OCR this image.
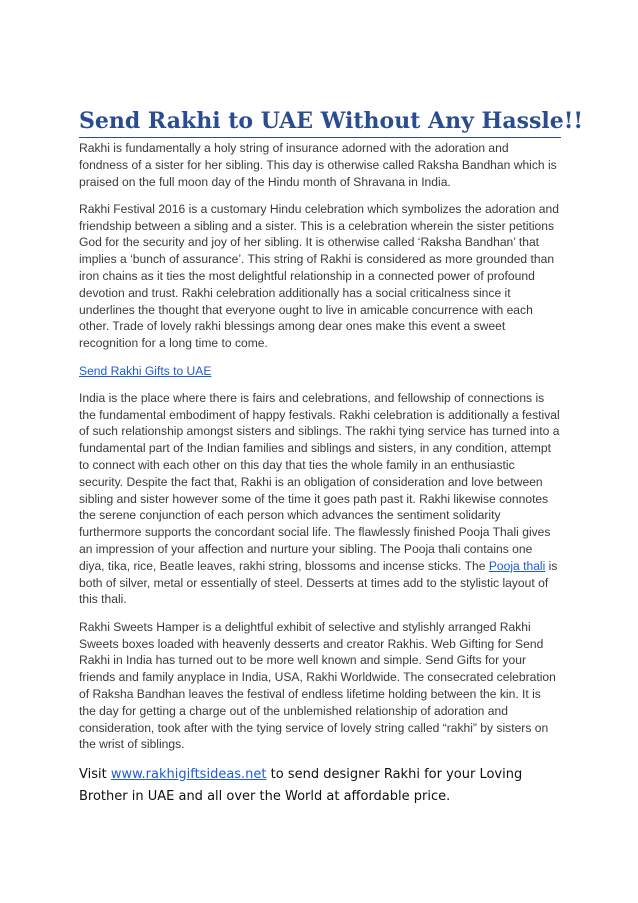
Send Rakhi to UAE Without Any Hassle!!

Rakhi is fundamentally a holy string of insurance adorned with the adoration and fondness of a sister for her sibling. This day is otherwise called Raksha Bandhan which is praised on the full moon day of the Hindu month of Shravana in India.

Rakhi Festival 2016 is a customary Hindu celebration which symbolizes the adoration and friendship between a sibling and a sister. This is a celebration wherein the sister petitions God for the security and joy of her sibling. It is otherwise called ‘Raksha Bandhan’ that implies a ‘bunch of assurance’. This string of Rakhi is considered as more grounded than iron chains as it ties the most delightful relationship in a connected power of profound devotion and trust. Rakhi celebration additionally has a social criticalness since it underlines the thought that everyone ought to live in amicable concurrence with each other. Trade of lovely rakhi blessings among dear ones make this event a sweet recognition for a long time to come.

Send Rakhi Gifts to UAE

India is the place where there is fairs and celebrations, and fellowship of connections is the fundamental embodiment of happy festivals. Rakhi celebration is additionally a festival of such relationship amongst sisters and siblings. The rakhi tying service has turned into a fundamental part of the Indian families and siblings and sisters, in any condition, attempt to connect with each other on this day that ties the whole family in an enthusiastic security. Despite the fact that, Rakhi is an obligation of consideration and love between sibling and sister however some of the time it goes path past it. Rakhi likewise connotes the serene conjunction of each person which advances the sentiment solidarity furthermore supports the concordant social life. The flawlessly finished Pooja Thali gives an impression of your affection and nurture your sibling. The Pooja thali contains one diya, tika, rice, Beatle leaves, rakhi string, blossoms and incense sticks. The Pooja thali is both of silver, metal or essentially of steel. Desserts at times add to the stylistic layout of this thali.

Rakhi Sweets Hamper is a delightful exhibit of selective and stylishly arranged Rakhi Sweets boxes loaded with heavenly desserts and creator Rakhis. Web Gifting for Send Rakhi in India has turned out to be more well known and simple. Send Gifts for your friends and family anyplace in India, USA, Rakhi Worldwide. The consecrated celebration of Raksha Bandhan leaves the festival of endless lifetime holding between the kin. It is the day for getting a charge out of the unblemished relationship of adoration and consideration, took after with the tying service of lovely string called “rakhi” by sisters on the wrist of siblings.

Visit www.rakhigiftsideas.net to send designer Rakhi for your Loving Brother in UAE and all over the World at affordable price.
